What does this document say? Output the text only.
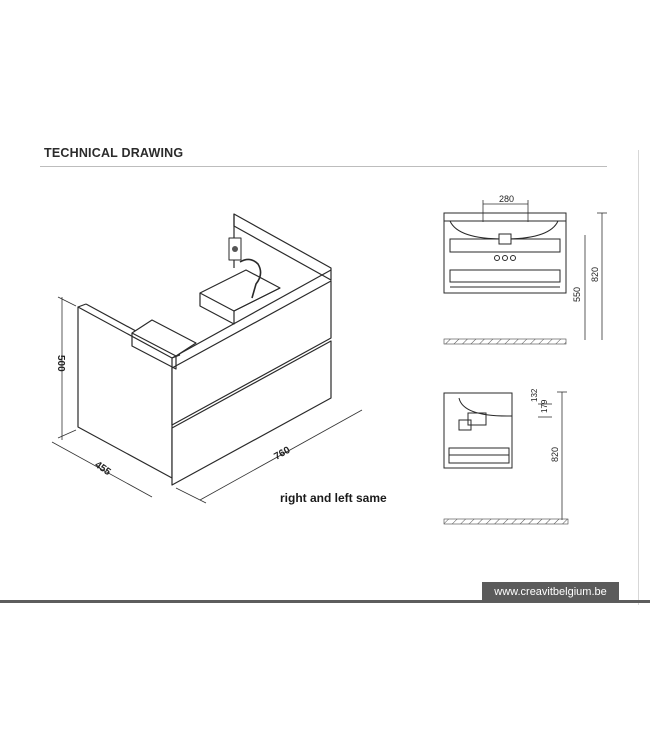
TECHNICAL DRAWING
500
455
760
280
550
820
132
179
820
right and left same
www.creavitbelgium.be
